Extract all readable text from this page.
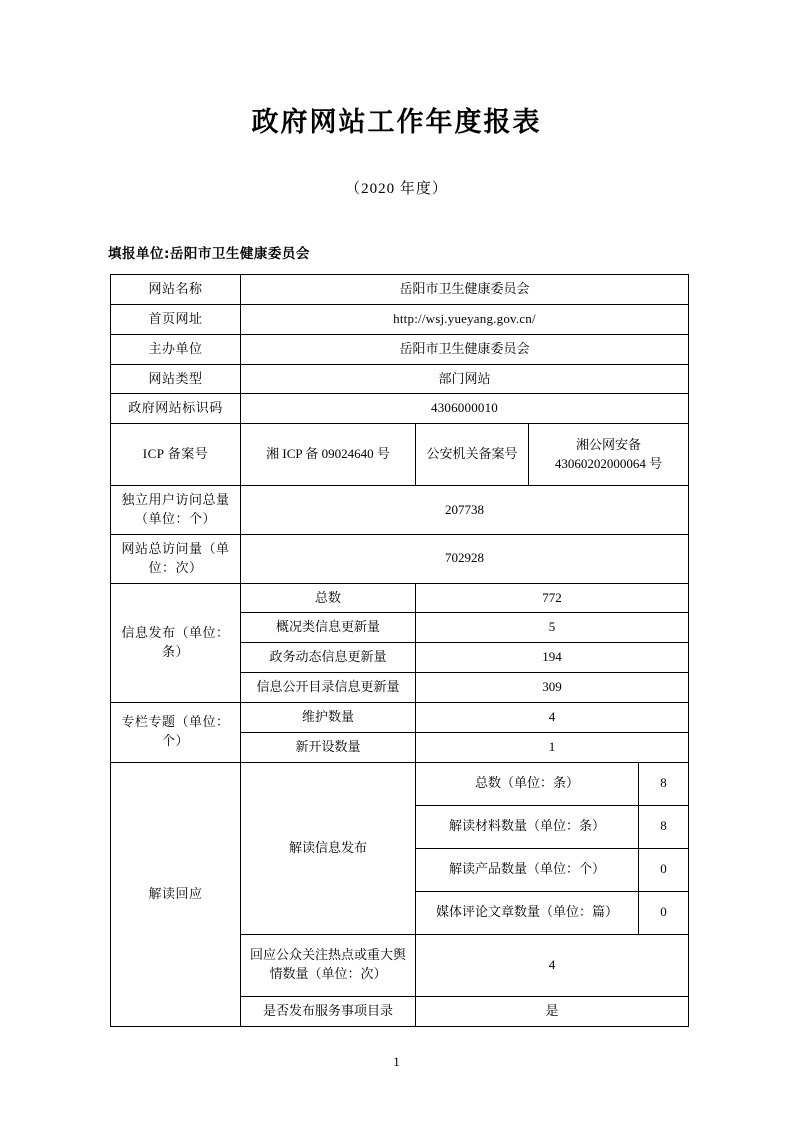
政府网站工作年度报表

（2020 年度）

填报单位:岳阳市卫生健康委员会

网站名称	岳阳市卫生健康委员会			
首页网址	http://wsj.yueyang.gov.cn/			
主办单位	岳阳市卫生健康委员会			
网站类型	部门网站			
政府网站标识码	4306000010			
ICP 备案号	湘 ICP 备 09024640 号	公安机关备案号	湘公网安备 43060202000064 号	
独立用户访问总量（单位：个）	207738			
网站总访问量（单位：次）	702928			
信息发布（单位：条）	总数	772		
	概况类信息更新量	5		
	政务动态信息更新量	194		
	信息公开目录信息更新量	309		
专栏专题（单位：个）	维护数量	4		
	新开设数量	1		
解读回应	解读信息发布	总数（单位：条）		8
		解读材料数量（单位：条）		8
		解读产品数量（单位：个）		0
		媒体评论文章数量（单位：篇）		0
	回应公众关注热点或重大舆情数量（单位：次）	4		
	是否发布服务事项目录	是		
1
